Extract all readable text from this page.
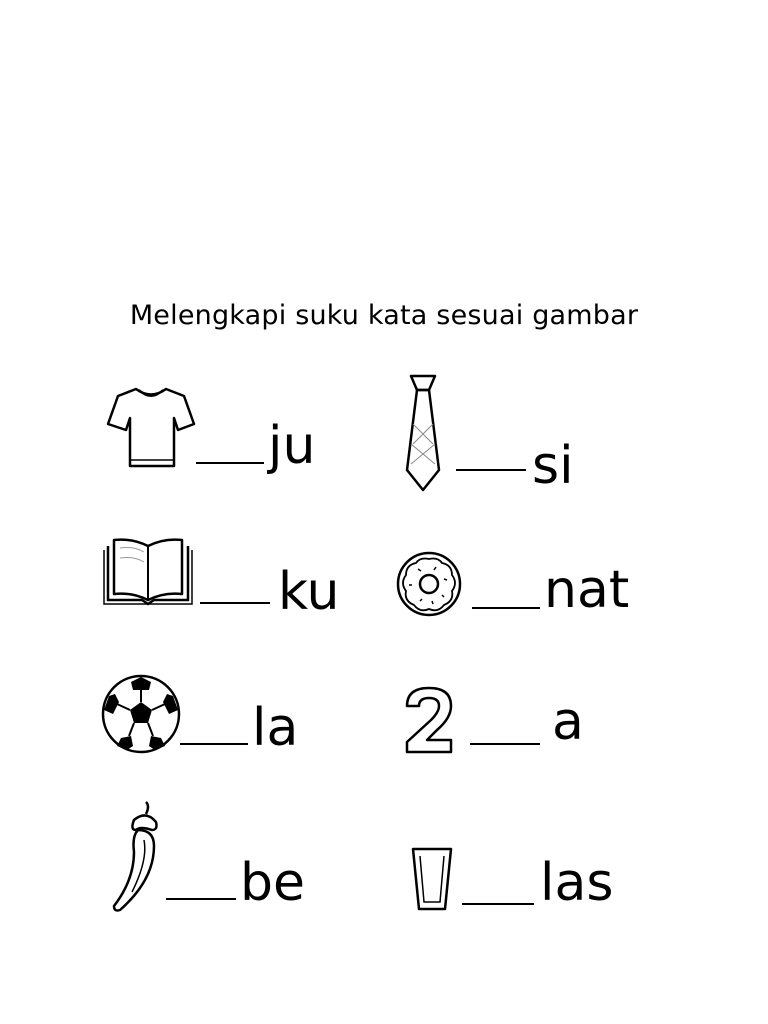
Melengkapi suku kata sesuai gambar
ju	si
ku	nat
la	a
be	las
